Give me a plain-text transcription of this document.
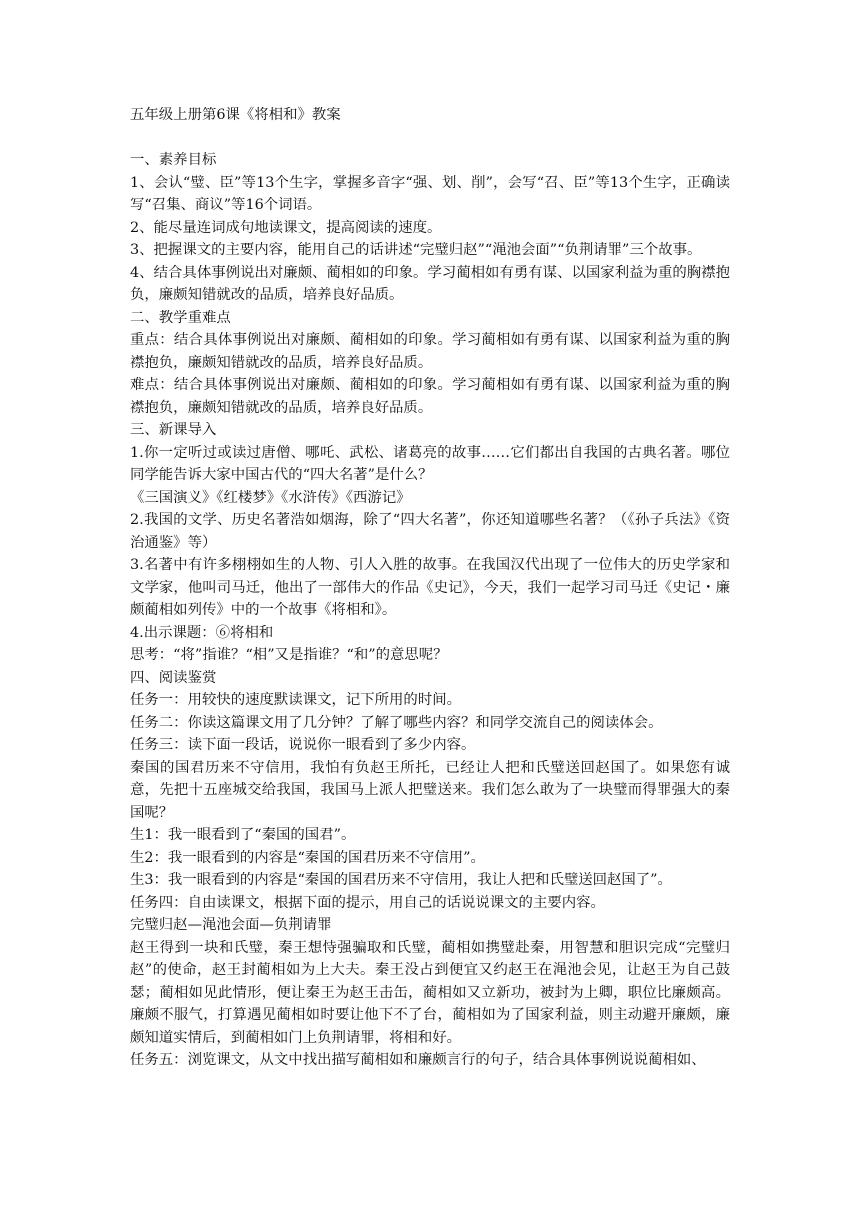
五年级上册第6课《将相和》教案

一、素养目标

1、会认“璧、臣”等13个生字，掌握多音字“强、划、削”，会写“召、臣”等13个生字，正确读写“召集、商议”等16个词语。

2、能尽量连词成句地读课文，提高阅读的速度。

3、把握课文的主要内容，能用自己的话讲述“完璧归赵”“渑池会面”“负荆请罪”三个故事。

4、结合具体事例说出对廉颇、蔺相如的印象。学习蔺相如有勇有谋、以国家利益为重的胸襟抱负，廉颇知错就改的品质，培养良好品质。

二、教学重难点

重点：结合具体事例说出对廉颇、蔺相如的印象。学习蔺相如有勇有谋、以国家利益为重的胸襟抱负，廉颇知错就改的品质，培养良好品质。

难点：结合具体事例说出对廉颇、蔺相如的印象。学习蔺相如有勇有谋、以国家利益为重的胸襟抱负，廉颇知错就改的品质，培养良好品质。

三、新课导入

1.你一定听过或读过唐僧、哪吒、武松、诸葛亮的故事……它们都出自我国的古典名著。哪位同学能告诉大家中国古代的“四大名著”是什么？

《三国演义》《红楼梦》《水浒传》《西游记》

2.我国的文学、历史名著浩如烟海，除了“四大名著”，你还知道哪些名著？（《孙子兵法》《资治通鉴》等）

3.名著中有许多栩栩如生的人物、引人入胜的故事。在我国汉代出现了一位伟大的历史学家和文学家，他叫司马迁，他出了一部伟大的作品《史记》，今天，我们一起学习司马迁《史记・廉颇蔺相如列传》中的一个故事《将相和》。

4.出示课题：⑥将相和

思考：“将”指谁？“相”又是指谁？“和”的意思呢？

四、阅读鉴赏

任务一：用较快的速度默读课文，记下所用的时间。

任务二：你读这篇课文用了几分钟？了解了哪些内容？和同学交流自己的阅读体会。

任务三：读下面一段话，说说你一眼看到了多少内容。

秦国的国君历来不守信用，我怕有负赵王所托，已经让人把和氏璧送回赵国了。如果您有诚意，先把十五座城交给我国，我国马上派人把璧送来。我们怎么敢为了一块璧而得罪强大的秦国呢？

生1：我一眼看到了“秦国的国君”。

生2：我一眼看到的内容是“秦国的国君历来不守信用”。

生3：我一眼看到的内容是“秦国的国君历来不守信用，我让人把和氏璧送回赵国了”。

任务四：自由读课文，根据下面的提示，用自己的话说说课文的主要内容。

完璧归赵—渑池会面—负荆请罪

赵王得到一块和氏璧，秦王想恃强骗取和氏璧，蔺相如携璧赴秦，用智慧和胆识完成“完璧归赵”的使命，赵王封蔺相如为上大夫。秦王没占到便宜又约赵王在渑池会见，让赵王为自己鼓瑟；蔺相如见此情形，便让秦王为赵王击缶，蔺相如又立新功，被封为上卿，职位比廉颇高。廉颇不服气，打算遇见蔺相如时要让他下不了台，蔺相如为了国家利益，则主动避开廉颇，廉颇知道实情后，到蔺相如门上负荆请罪，将相和好。

任务五：浏览课文，从文中找出描写蔺相如和廉颇言行的句子，结合具体事例说说蔺相如、
